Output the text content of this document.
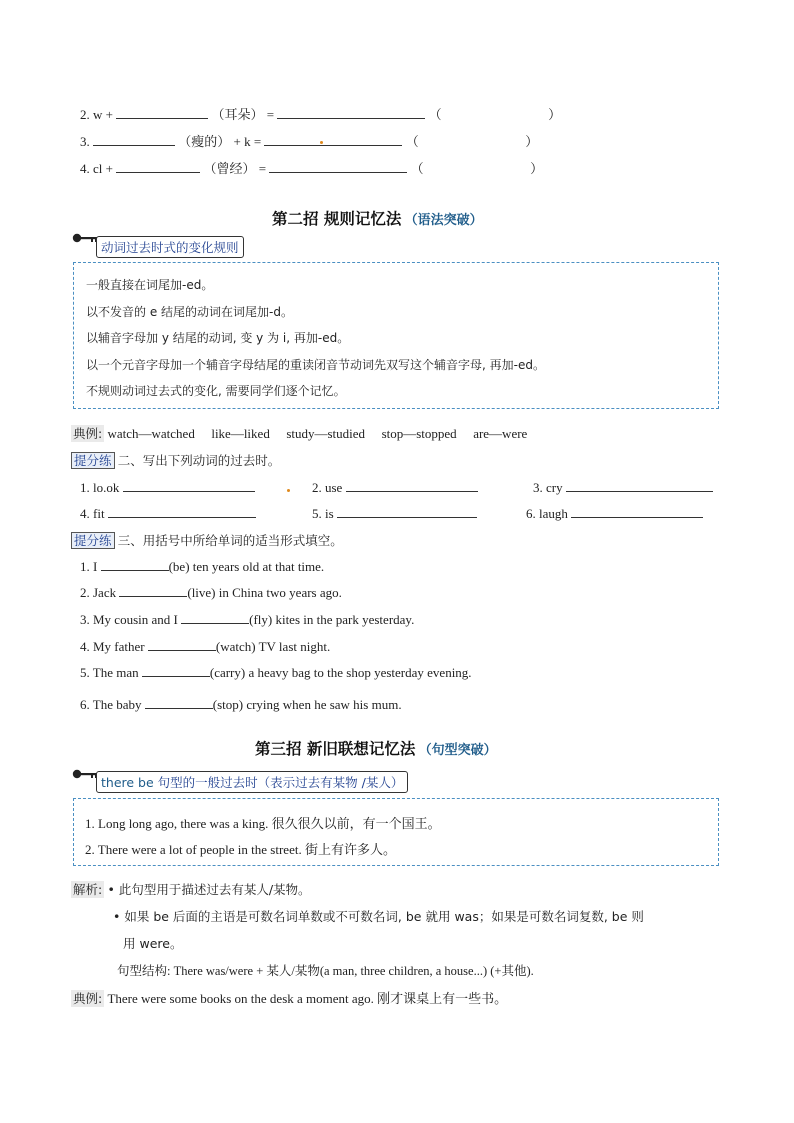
2. w +	（耳朵） =	（	）
3.	（瘦的） + k =	（	）
4. cl +	（曾经） =	（	）
第二招 规则记忆法 （语法突破）
动词过去时式的变化规则
一般直接在词尾加-ed。
以不发音的 e 结尾的动词在词尾加-d。
以辅音字母加 y 结尾的动词, 变 y 为 i, 再加-ed。
以一个元音字母加一个辅音字母结尾的重读闭音节动词先双写这个辅音字母, 再加-ed。
不规则动词过去式的变化, 需要同学们逐个记忆。
典例: watch—watched like—liked study—studied stop—stopped are—were
提分练 二、写出下列动词的过去时。
1. lo.ok	2. use	3. cry
4. fit	5. is	6. laugh
提分练 三、用括号中所给单词的适当形式填空。
1. I	(be) ten years old at that time.
2. Jack	(live) in China two years ago.
3. My cousin and I	(fly) kites in the park yesterday.
4. My father	(watch) TV last night.
5. The man	(carry) a heavy bag to the shop yesterday evening.
6. The baby	(stop) crying when he saw his mum.
第三招 新旧联想记忆法 （句型突破）
there be 句型的一般过去时（表示过去有某物 /某人）
1. Long long ago, there was a king. 很久很久以前，有一个国王。
2. There were a lot of people in the street. 街上有许多人。
解析: • 此句型用于描述过去有某人/某物。
• 如果 be 后面的主语是可数名词单数或不可数名词, be 就用 was；如果是可数名词复数, be 则
用 were。
句型结构: There was/were + 某人/某物(a man, three children, a house...) (+其他).
典例: There were some books on the desk a moment ago. 刚才课桌上有一些书。
